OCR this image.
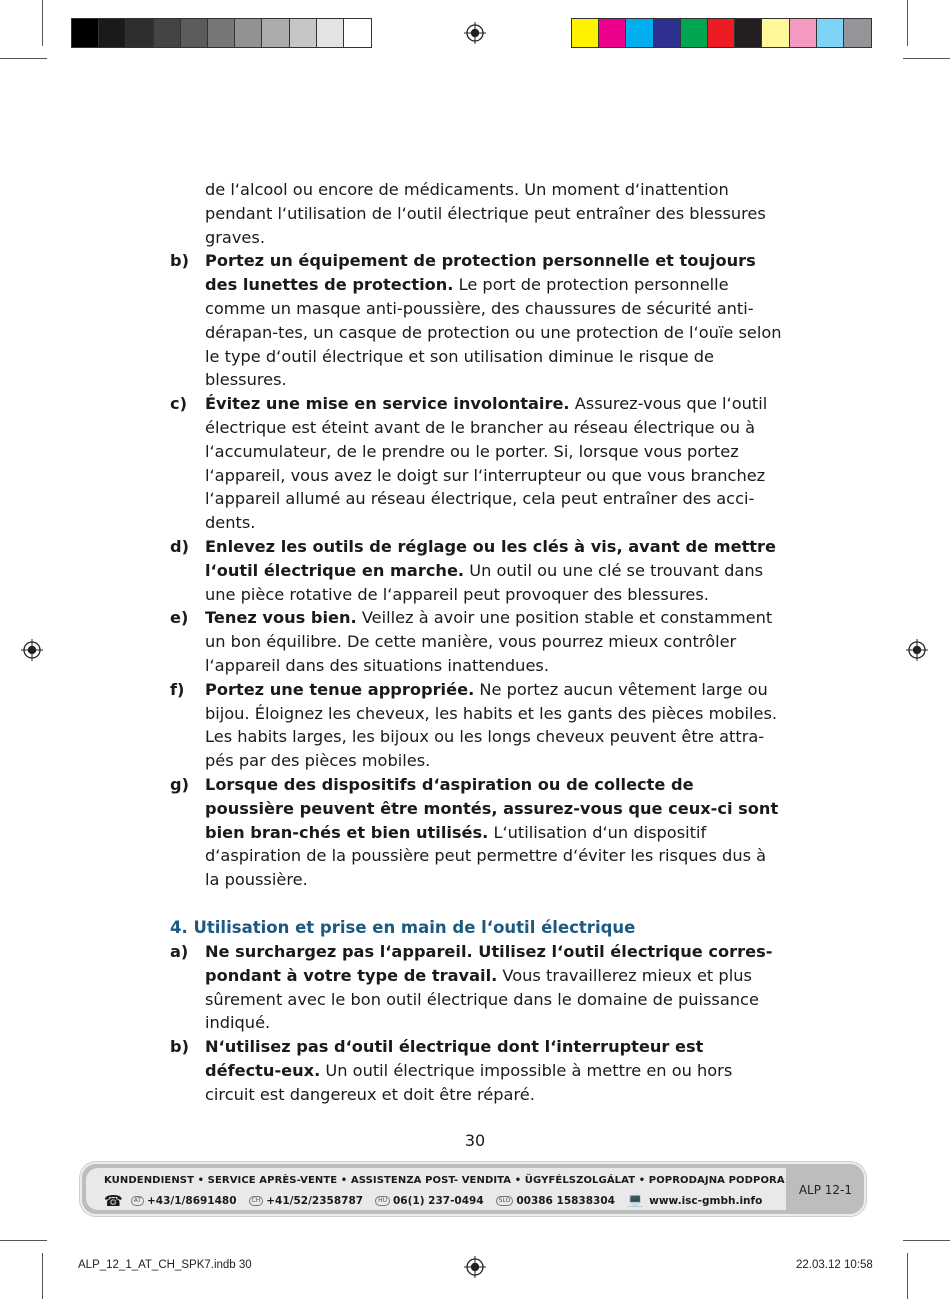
de l‘alcool ou encore de médicaments. Un moment d‘inattention pendant l‘utilisation de l‘outil électrique peut entraîner des blessures graves.
b) Portez un équipement de protection personnelle et toujours des lunettes de protection. Le port de protection personnelle comme un masque anti-poussière, des chaussures de sécurité anti-dérapan-tes, un casque de protection ou une protection de l‘ouïe selon le type d‘outil électrique et son utilisation diminue le risque de blessures.
c) Évitez une mise en service involontaire. Assurez-vous que l‘outil électrique est éteint avant de le brancher au réseau électrique ou à l‘accumulateur, de le prendre ou le porter. Si, lorsque vous portez l‘appareil, vous avez le doigt sur l‘interrupteur ou que vous branchez l‘appareil allumé au réseau électrique, cela peut entraîner des acci-dents.
d) Enlevez les outils de réglage ou les clés à vis, avant de mettre l‘outil électrique en marche. Un outil ou une clé se trouvant dans une pièce rotative de l‘appareil peut provoquer des blessures.
e) Tenez vous bien. Veillez à avoir une position stable et constamment un bon équilibre. De cette manière, vous pourrez mieux contrôler l‘appareil dans des situations inattendues.
f) Portez une tenue appropriée. Ne portez aucun vêtement large ou bijou. Éloignez les cheveux, les habits et les gants des pièces mobiles. Les habits larges, les bijoux ou les longs cheveux peuvent être attra-pés par des pièces mobiles.
g) Lorsque des dispositifs d‘aspiration ou de collecte de poussière peuvent être montés, assurez-vous que ceux-ci sont bien bran-chés et bien utilisés. L‘utilisation d‘un dispositif d‘aspiration de la poussière peut permettre d‘éviter les risques dus à la poussière.
4. Utilisation et prise en main de l‘outil électrique
a) Ne surchargez pas l‘appareil. Utilisez l‘outil électrique corres-pondant à votre type de travail. Vous travaillerez mieux et plus sûrement avec le bon outil électrique dans le domaine de puissance indiqué.
b) N‘utilisez pas d‘outil électrique dont l‘interrupteur est défectu-eux. Un outil électrique impossible à mettre en ou hors circuit est dangereux et doit être réparé.
30
KUNDENDIENST • SERVICE APRÈS-VENTE • ASSISTENZA POST- VENDITA • ÜGYFÉLSZOLGÁLAT • POPRODAJNA PODPORA
☎	AT +43/1/8691480	CH +41/52/2358787	HU 06(1) 237-0494	SLO 00386 15838304 💻 www.isc-gmbh.info
ALP 12-1
ALP_12_1_AT_CH_SPK7.indb 30	22.03.12 10:58
